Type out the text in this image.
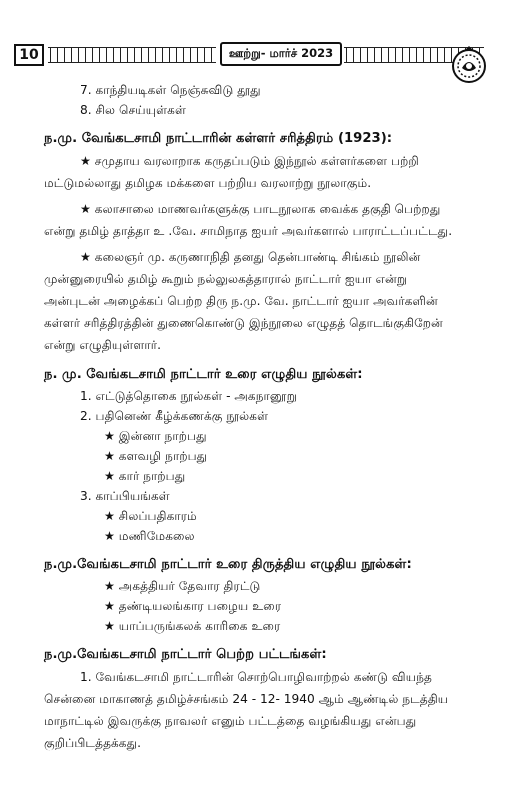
10	ஊற்று- மார்ச் 2023
7. காந்தியடிகள் நெஞ்சுவிடு தூது
8. சில செய்யுள்கள்
ந.மு. வேங்கடசாமி நாட்டாரின் கள்ளர் சரித்திரம் (1923):
★ சமுதாய வரலாறாக கருதப்படும் இந்நூல் கள்ளர்களை பற்றி
மட்டுமல்லாது தமிழக மக்களை பற்றிய வரலாற்று நூலாகும்.
★ கலாசாலை மாணவர்களுக்கு பாடநூலாக வைக்க தகுதி பெற்றது
என்று தமிழ் தாத்தா உ .வே. சாமிநாத ஐயர் அவர்களால் பாராட்டப்பட்டது.
★ கலைஞர் மு. கருணாநிதி தனது தென்பாண்டி சிங்கம் நூலின்
முன்னுரையில் தமிழ் கூறும் நல்லுலகத்தாரால் நாட்டார் ஐயா என்று
அன்புடன் அழைக்கப் பெற்ற திரு ந.மு. வே. நாட்டார் ஐயா அவர்களின்
கள்ளர் சரித்திரத்தின் துணைகொண்டு இந்நூலை எழுதத் தொடங்குகிறேன்
என்று எழுதியுள்ளார்.
ந. மு. வேங்கடசாமி நாட்டார் உரை எழுதிய நூல்கள்:
1. எட்டுத்தொகை நூல்கள் - அகநானூறு
2. பதினெண் கீழ்க்கணக்கு நூல்கள்
★ இன்னா நாற்பது
★ களவழி நாற்பது
★ கார் நாற்பது
3. காப்பியங்கள்
★ சிலப்பதிகாரம்
★ மணிமேகலை
ந.மு.வேங்கடசாமி நாட்டார் உரை திருத்திய எழுதிய நூல்கள்:
★ அகத்தியர் தேவார திரட்டு
★ தண்டியலங்கார பழைய உரை
★ யாப்பருங்கலக் காரிகை உரை
ந.மு.வேங்கடசாமி நாட்டார் பெற்ற பட்டங்கள்:
1. வேங்கடசாமி நாட்டாரின் சொற்பொழிவாற்றல் கண்டு வியந்த
சென்னை மாகாணத் தமிழ்ச்சங்கம் 24 - 12- 1940 ஆம் ஆண்டில் நடத்திய
மாநாட்டில் இவருக்கு நாவலர் எனும் பட்டத்தை வழங்கியது என்பது
குறிப்பிடத்தக்கது.
